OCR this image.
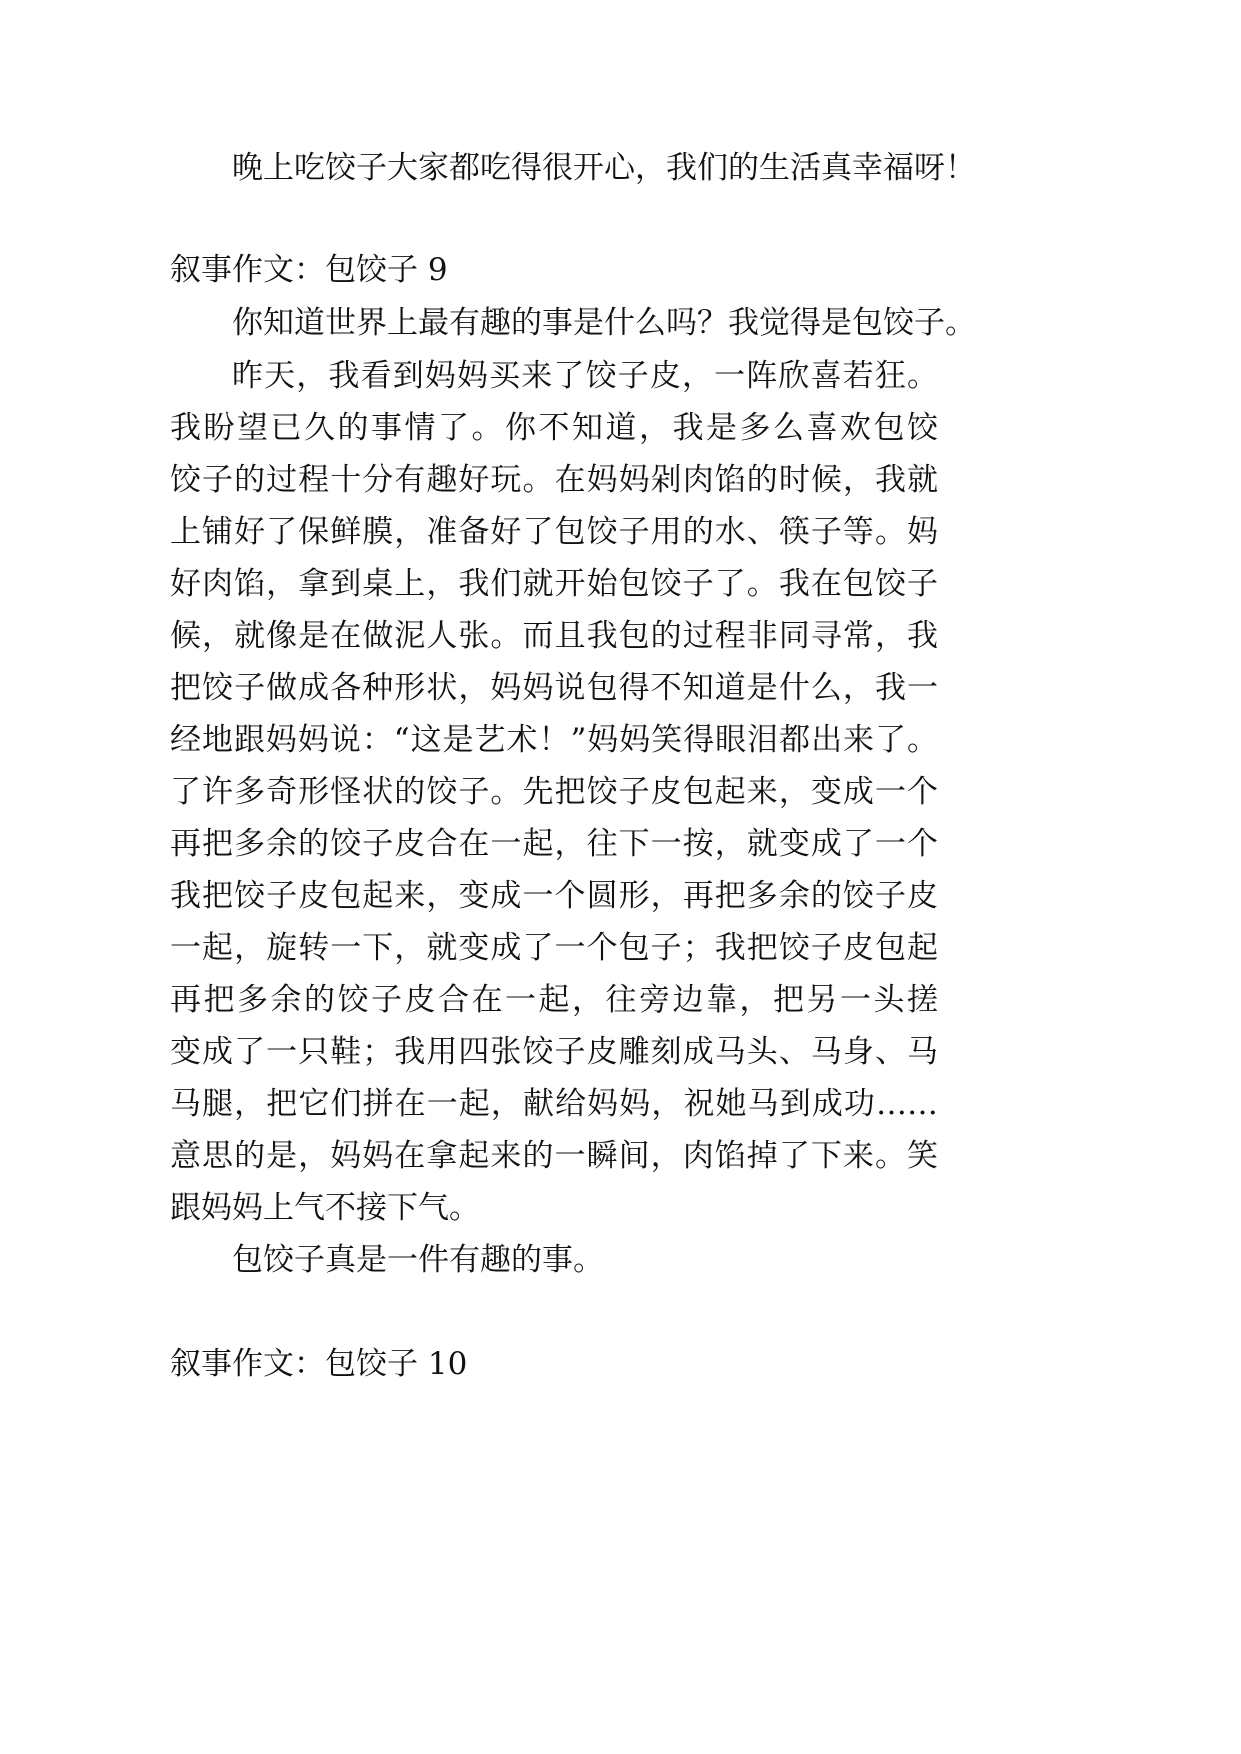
晚上吃饺子大家都吃得很开心，我们的生活真幸福呀！

叙事作文：包饺子 9

你知道世界上最有趣的事是什么吗？我觉得是包饺子。

昨天，我看到妈妈买来了饺子皮，一阵欣喜若狂。

我盼望已久的事情了。你不知道，我是多么喜欢包饺

饺子的过程十分有趣好玩。在妈妈剁肉馅的时候，我就

上铺好了保鲜膜，准备好了包饺子用的水、筷子等。妈

好肉馅，拿到桌上，我们就开始包饺子了。我在包饺子

候，就像是在做泥人张。而且我包的过程非同寻常，我

把饺子做成各种形状，妈妈说包得不知道是什么，我一

经地跟妈妈说：“这是艺术！”妈妈笑得眼泪都出来了。

了许多奇形怪状的饺子。先把饺子皮包起来，变成一个

再把多余的饺子皮合在一起，往下一按，就变成了一个

我把饺子皮包起来，变成一个圆形，再把多余的饺子皮

一起，旋转一下，就变成了一个包子；我把饺子皮包起

再把多余的饺子皮合在一起，往旁边靠，把另一头搓

变成了一只鞋；我用四张饺子皮雕刻成马头、马身、马

马腿，把它们拼在一起，献给妈妈，祝她马到成功……

意思的是，妈妈在拿起来的一瞬间，肉馅掉了下来。笑

跟妈妈上气不接下气。

包饺子真是一件有趣的事。

叙事作文：包饺子 10
